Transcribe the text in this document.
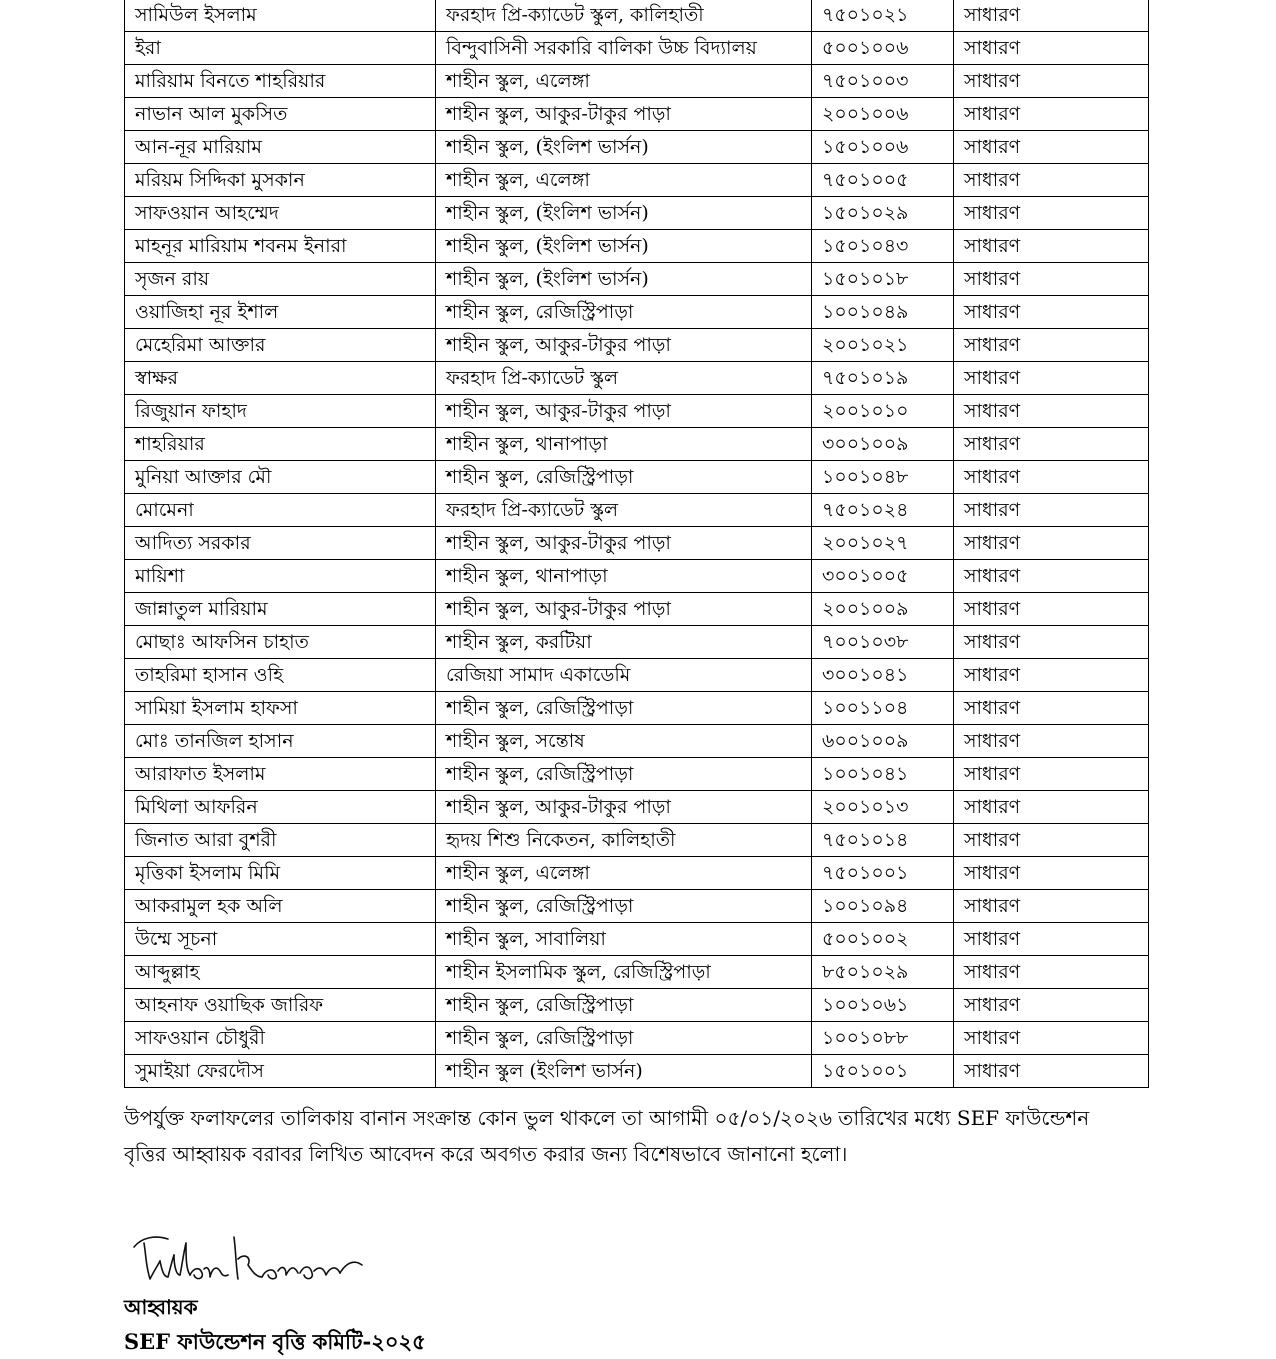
সামিউল ইসলাম	ফরহাদ প্রি-ক্যাডেট স্কুল, কালিহাতী	৭৫০১০২১	সাধারণ
ইরা	বিন্দুবাসিনী সরকারি বালিকা উচ্চ বিদ্যালয়	৫০০১০০৬	সাধারণ
মারিয়াম বিনতে শাহরিয়ার	শাহীন স্কুল, এলেঙ্গা	৭৫০১০০৩	সাধারণ
নাভান আল মুকসিত	শাহীন স্কুল, আকুর-টাকুর পাড়া	২০০১০০৬	সাধারণ
আন-নূর মারিয়াম	শাহীন স্কুল, (ইংলিশ ভার্সন)	১৫০১০০৬	সাধারণ
মরিয়ম সিদ্দিকা মুসকান	শাহীন স্কুল, এলেঙ্গা	৭৫০১০০৫	সাধারণ
সাফওয়ান আহম্মেদ	শাহীন স্কুল, (ইংলিশ ভার্সন)	১৫০১০২৯	সাধারণ
মাহনূর মারিয়াম শবনম ইনারা	শাহীন স্কুল, (ইংলিশ ভার্সন)	১৫০১০৪৩	সাধারণ
সৃজন রায়	শাহীন স্কুল, (ইংলিশ ভার্সন)	১৫০১০১৮	সাধারণ
ওয়াজিহা নূর ইশাল	শাহীন স্কুল, রেজিস্ট্রিপাড়া	১০০১০৪৯	সাধারণ
মেহেরিমা আক্তার	শাহীন স্কুল, আকুর-টাকুর পাড়া	২০০১০২১	সাধারণ
স্বাক্ষর	ফরহাদ প্রি-ক্যাডেট স্কুল	৭৫০১০১৯	সাধারণ
রিজুয়ান ফাহাদ	শাহীন স্কুল, আকুর-টাকুর পাড়া	২০০১০১০	সাধারণ
শাহরিয়ার	শাহীন স্কুল, থানাপাড়া	৩০০১০০৯	সাধারণ
মুনিয়া আক্তার মৌ	শাহীন স্কুল, রেজিস্ট্রিপাড়া	১০০১০৪৮	সাধারণ
মোমেনা	ফরহাদ প্রি-ক্যাডেট স্কুল	৭৫০১০২৪	সাধারণ
আদিত্য সরকার	শাহীন স্কুল, আকুর-টাকুর পাড়া	২০০১০২৭	সাধারণ
মায়িশা	শাহীন স্কুল, থানাপাড়া	৩০০১০০৫	সাধারণ
জান্নাতুল মারিয়াম	শাহীন স্কুল, আকুর-টাকুর পাড়া	২০০১০০৯	সাধারণ
মোছাঃ আফসিন চাহাত	শাহীন স্কুল, করটিয়া	৭০০১০৩৮	সাধারণ
তাহরিমা হাসান ওহি	রেজিয়া সামাদ একাডেমি	৩০০১০৪১	সাধারণ
সামিয়া ইসলাম হাফসা	শাহীন স্কুল, রেজিস্ট্রিপাড়া	১০০১১০৪	সাধারণ
মোঃ তানজিল হাসান	শাহীন স্কুল, সন্তোষ	৬০০১০০৯	সাধারণ
আরাফাত ইসলাম	শাহীন স্কুল, রেজিস্ট্রিপাড়া	১০০১০৪১	সাধারণ
মিথিলা আফরিন	শাহীন স্কুল, আকুর-টাকুর পাড়া	২০০১০১৩	সাধারণ
জিনাত আরা বুশরী	হৃদয় শিশু নিকেতন, কালিহাতী	৭৫০১০১৪	সাধারণ
মৃত্তিকা ইসলাম মিমি	শাহীন স্কুল, এলেঙ্গা	৭৫০১০০১	সাধারণ
আকরামুল হক অলি	শাহীন স্কুল, রেজিস্ট্রিপাড়া	১০০১০৯৪	সাধারণ
উম্মে সূচনা	শাহীন স্কুল, সাবালিয়া	৫০০১০০২	সাধারণ
আব্দুল্লাহ	শাহীন ইসলামিক স্কুল, রেজিস্ট্রিপাড়া	৮৫০১০২৯	সাধারণ
আহনাফ ওয়াছিক জারিফ	শাহীন স্কুল, রেজিস্ট্রিপাড়া	১০০১০৬১	সাধারণ
সাফওয়ান চৌধুরী	শাহীন স্কুল, রেজিস্ট্রিপাড়া	১০০১০৮৮	সাধারণ
সুমাইয়া ফেরদৌস	শাহীন স্কুল (ইংলিশ ভার্সন)	১৫০১০০১	সাধারণ
উপর্যুক্ত ফলাফলের তালিকায় বানান সংক্রান্ত কোন ভুল থাকলে তা আগামী ০৫/০১/২০২৬ তারিখের মধ্যে SEF ফাউন্ডেশন
বৃত্তির আহ্বায়ক বরাবর লিখিত আবেদন করে অবগত করার জন্য বিশেষভাবে জানানো হলো।
আহ্বায়ক
SEF ফাউন্ডেশন বৃত্তি কমিটি-২০২৫
